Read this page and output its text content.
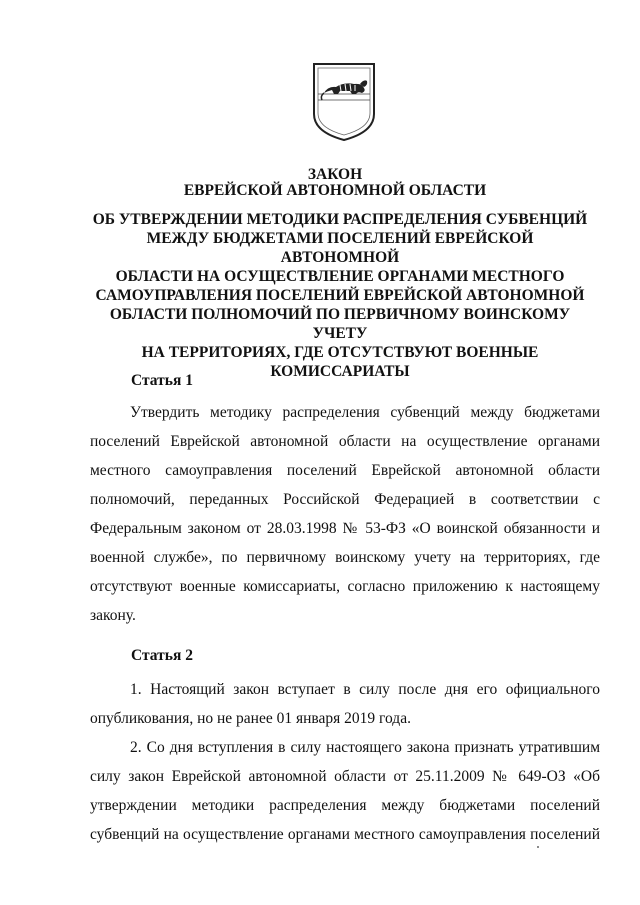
ЗАКОН
ЕВРЕЙСКОЙ АВТОНОМНОЙ ОБЛАСТИ
ОБ УТВЕРЖДЕНИИ МЕТОДИКИ РАСПРЕДЕЛЕНИЯ СУБВЕНЦИЙ
МЕЖДУ БЮДЖЕТАМИ ПОСЕЛЕНИЙ ЕВРЕЙСКОЙ АВТОНОМНОЙ
ОБЛАСТИ НА ОСУЩЕСТВЛЕНИЕ ОРГАНАМИ МЕСТНОГО
САМОУПРАВЛЕНИЯ ПОСЕЛЕНИЙ ЕВРЕЙСКОЙ АВТОНОМНОЙ
ОБЛАСТИ ПОЛНОМОЧИЙ ПО ПЕРВИЧНОМУ ВОИНСКОМУ УЧЕТУ
НА ТЕРРИТОРИЯХ, ГДЕ ОТСУТСТВУЮТ ВОЕННЫЕ
КОМИССАРИАТЫ
Статья 1
Утвердить методику распределения субвенций между бюджетами
поселений Еврейской автономной области на осуществление органами
местного самоуправления поселений Еврейской автономной области
полномочий, переданных Российской Федерацией в соответствии с
Федеральным законом от 28.03.1998 № 53-ФЗ «О воинской обязанности и
военной службе», по первичному воинскому учету на территориях, где
отсутствуют военные комиссариаты, согласно приложению к настоящему
закону.
Статья 2
1. Настоящий закон вступает в силу после дня его официального
опубликования, но не ранее 01 января 2019 года.
2. Со дня вступления в силу настоящего закона признать утратившим
силу закон Еврейской автономной области от 25.11.2009 № 649-ОЗ «Об
утверждении методики распределения между бюджетами поселений
субвенций на осуществление органами местного самоуправления поселений
